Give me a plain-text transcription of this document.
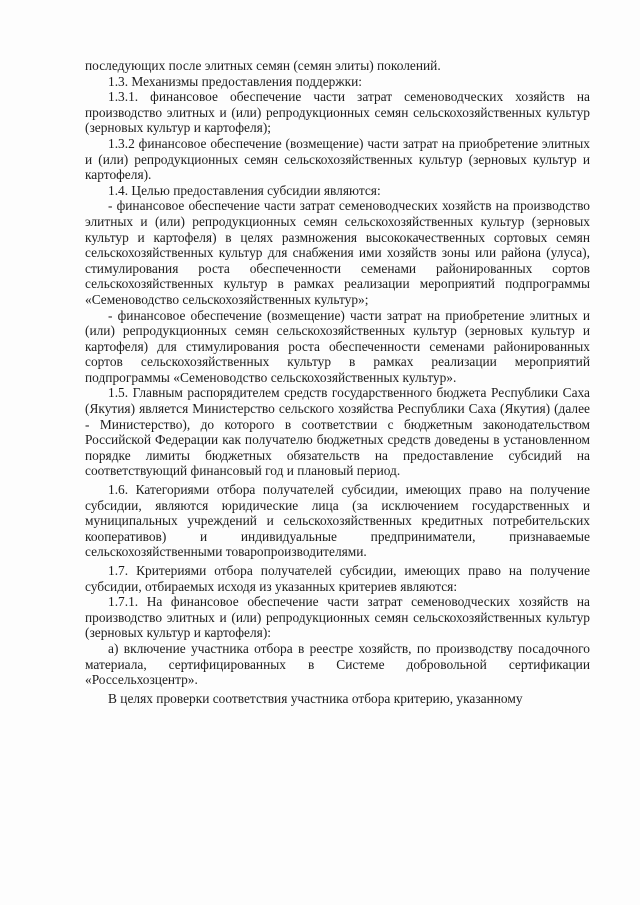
последующих после элитных семян (семян элиты) поколений.

1.3. Механизмы предоставления поддержки:

1.3.1. финансовое обеспечение части затрат семеноводческих хозяйств на производство элитных и (или) репродукционных семян сельскохозяйственных культур (зерновых культур и картофеля);

1.3.2 финансовое обеспечение (возмещение) части затрат на приобретение элитных и (или) репродукционных семян сельскохозяйственных культур (зерновых культур и картофеля).

1.4. Целью предоставления субсидии являются:

- финансовое обеспечение части затрат семеноводческих хозяйств на производство элитных и (или) репродукционных семян сельскохозяйственных культур (зерновых культур и картофеля) в целях размножения высококачественных сортовых семян сельскохозяйственных культур для снабжения ими хозяйств зоны или района (улуса), стимулирования роста обеспеченности семенами районированных сортов сельскохозяйственных культур в рамках реализации мероприятий подпрограммы «Семеноводство сельскохозяйственных культур»;

- финансовое обеспечение (возмещение) части затрат на приобретение элитных и (или) репродукционных семян сельскохозяйственных культур (зерновых культур и картофеля) для стимулирования роста обеспеченности семенами районированных сортов сельскохозяйственных культур в рамках реализации мероприятий подпрограммы «Семеноводство сельскохозяйственных культур».

1.5. Главным распорядителем средств государственного бюджета Республики Саха (Якутия) является Министерство сельского хозяйства Республики Саха (Якутия) (далее - Министерство), до которого в соответствии с бюджетным законодательством Российской Федерации как получателю бюджетных средств доведены в установленном порядке лимиты бюджетных обязательств на предоставление субсидий на соответствующий финансовый год и плановый период.

1.6. Категориями отбора получателей субсидии, имеющих право на получение субсидии, являются юридические лица (за исключением государственных и муниципальных учреждений и сельскохозяйственных кредитных потребительских кооперативов) и индивидуальные предприниматели, признаваемые сельскохозяйственными товаропроизводителями.

1.7. Критериями отбора получателей субсидии, имеющих право на получение субсидии, отбираемых исходя из указанных критериев являются:

1.7.1. На финансовое обеспечение части затрат семеноводческих хозяйств на производство элитных и (или) репродукционных семян сельскохозяйственных культур (зерновых культур и картофеля):

а) включение участника отбора в реестре хозяйств, по производству посадочного материала, сертифицированных в Системе добровольной сертификации «Россельхозцентр».

В целях проверки соответствия участника отбора критерию, указанному
